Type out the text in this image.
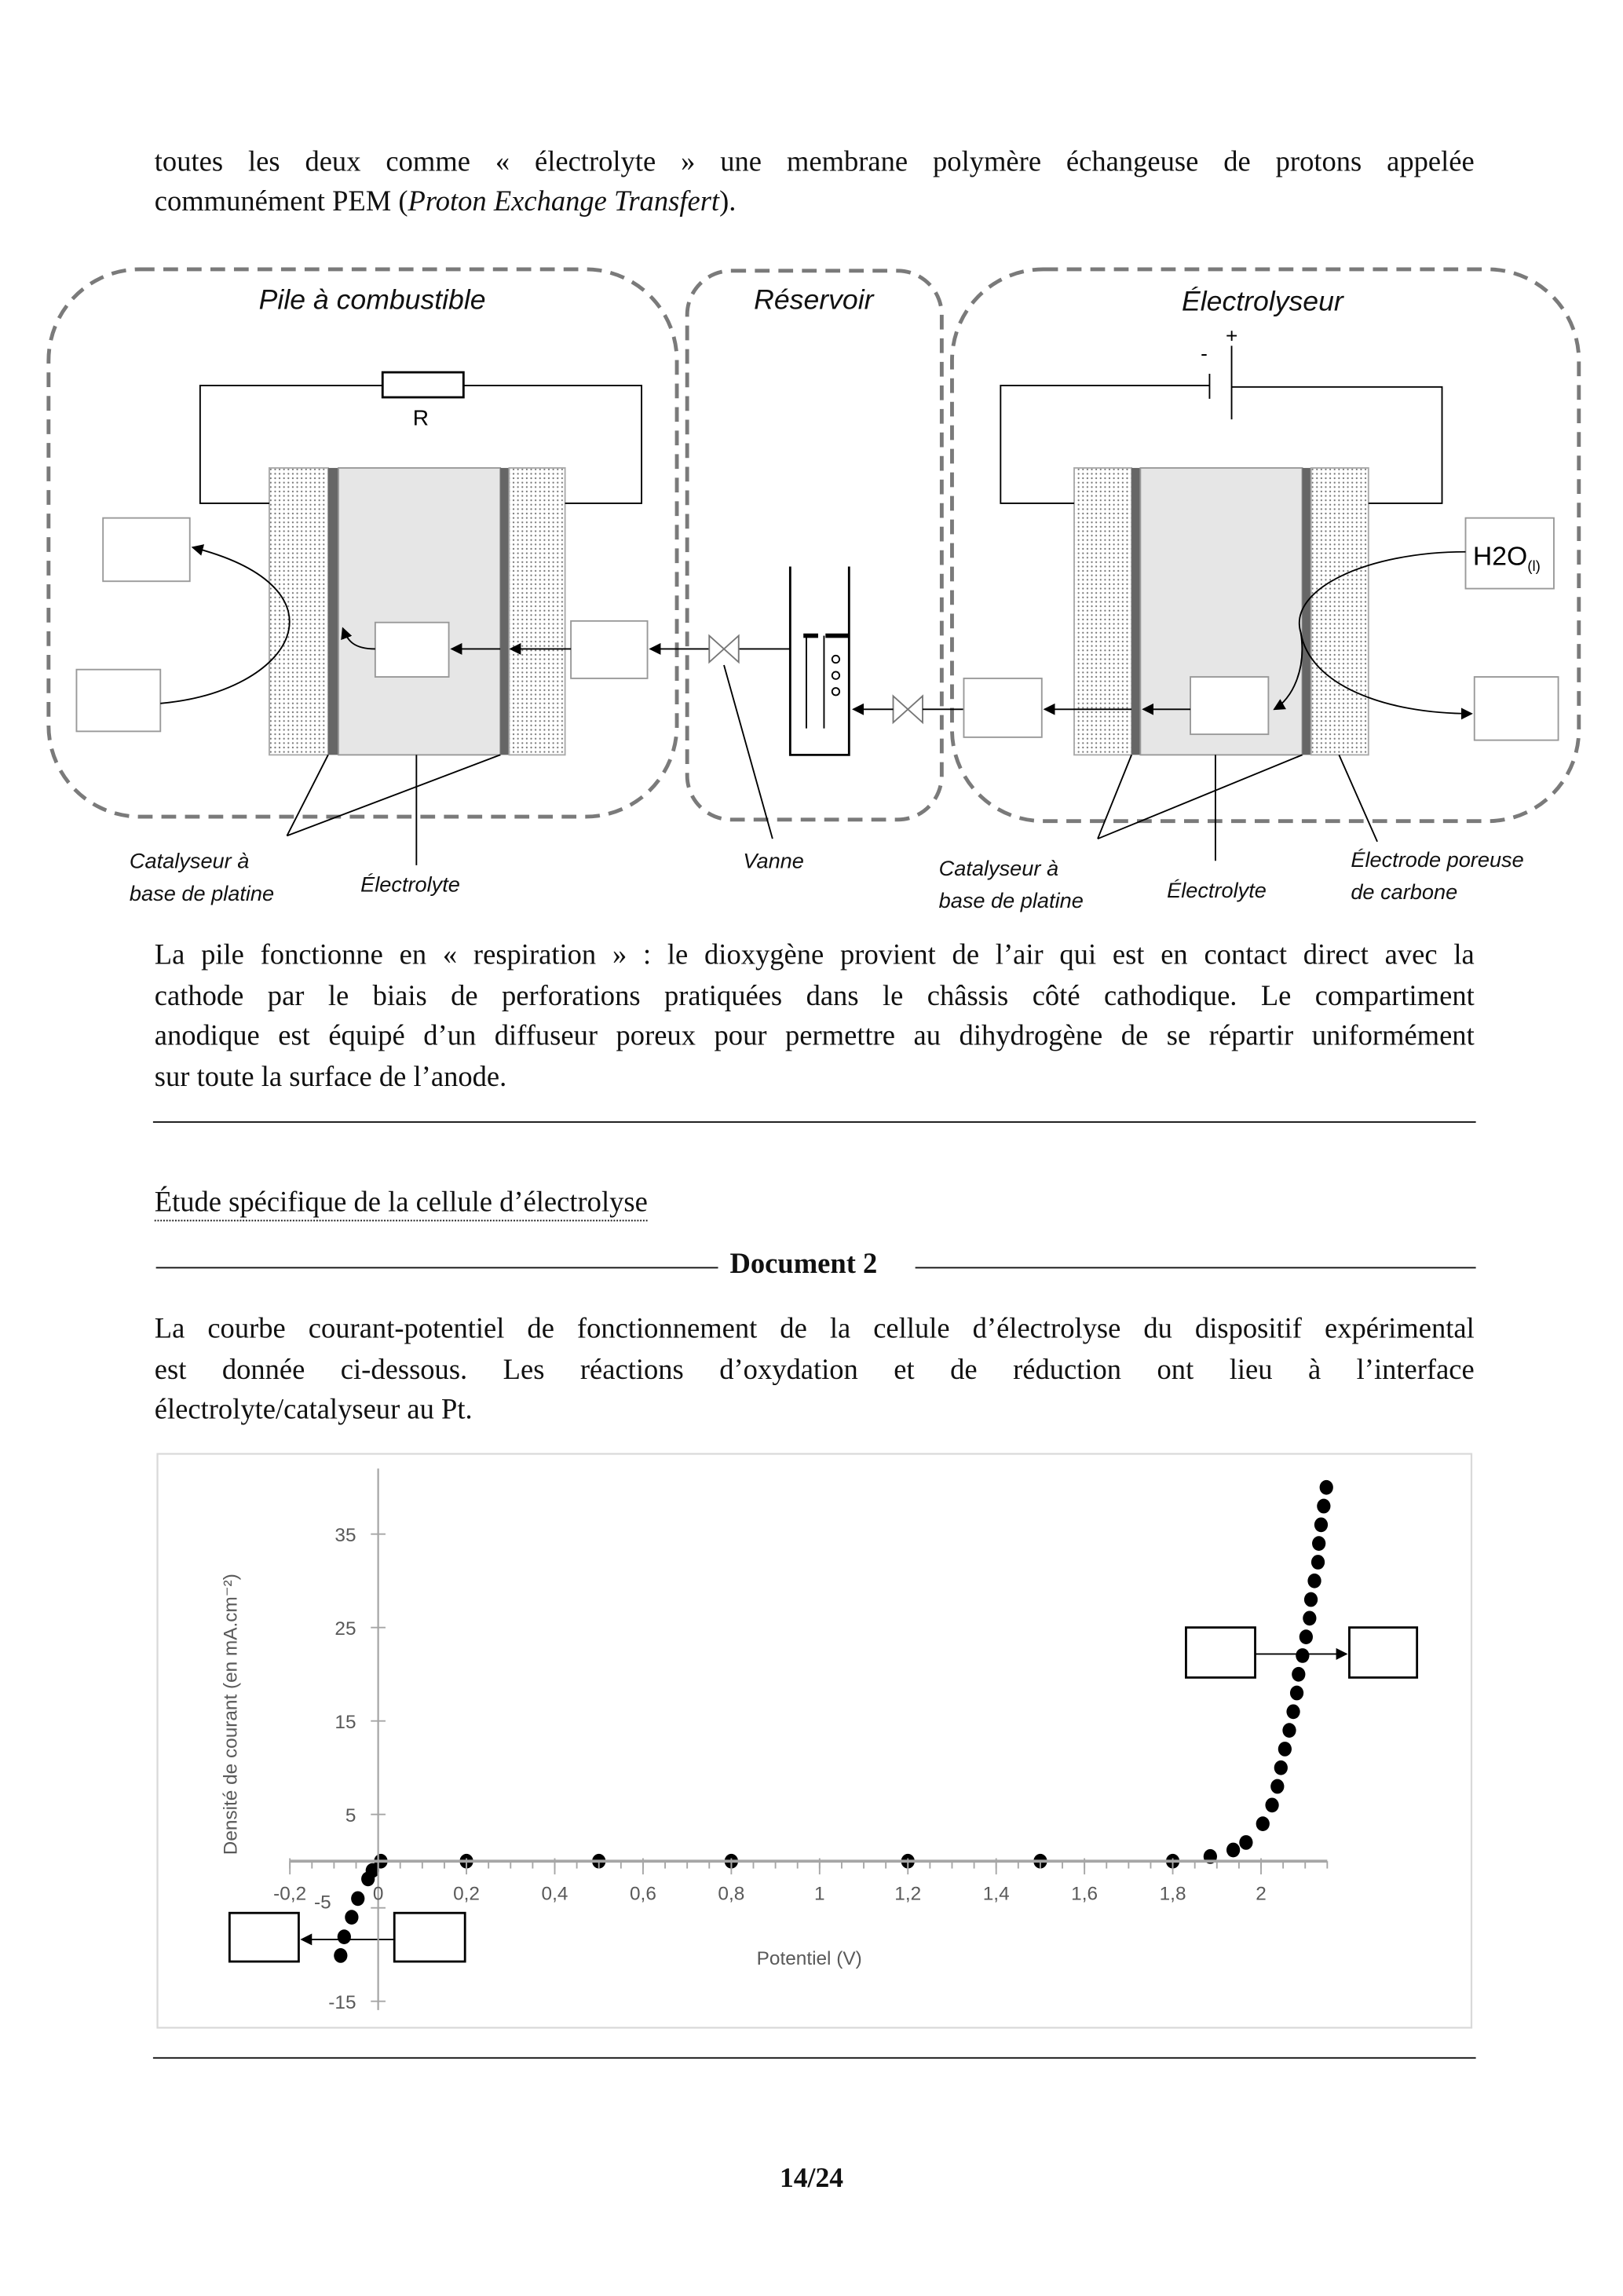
toutes les deux comme « électrolyte » une membrane polymère échangeuse de protons appelée
communément PEM (Proton Exchange Transfert).
Pile à combustible	Réservoir	Électrolyseur
R
-
+
$H2O_{(l)}$
Catalyseur à
base de platine	Électrolyte
Vanne	Catalyseur à
base de platine	Électrolyte
Électrode poreuse
de carbone
La pile fonctionne en « respiration » : le dioxygène provient de l’air qui est en contact direct avec la
cathode par le biais de perforations pratiquées dans le châssis côté cathodique. Le compartiment
anodique est équipé d’un diffuseur poreux pour permettre au dihydrogène de se répartir uniformément
sur toute la surface de l’anode.
Étude spécifique de la cellule d’électrolyse
Document 2
La courbe courant-potentiel de fonctionnement de la cellule d’électrolyse du dispositif expérimental
est donnée ci-dessous. Les réactions d’oxydation et de réduction ont lieu à l’interface
électrolyte/catalyseur au Pt.
Densité de courant (en mA.cm⁻²)
Potentiel (V)
-0,2	0	0,2	0,4	0,6	0,8	1	1,2	1,4	1,6	1,8	2
35
25
15
5
-5
-15
14/24
